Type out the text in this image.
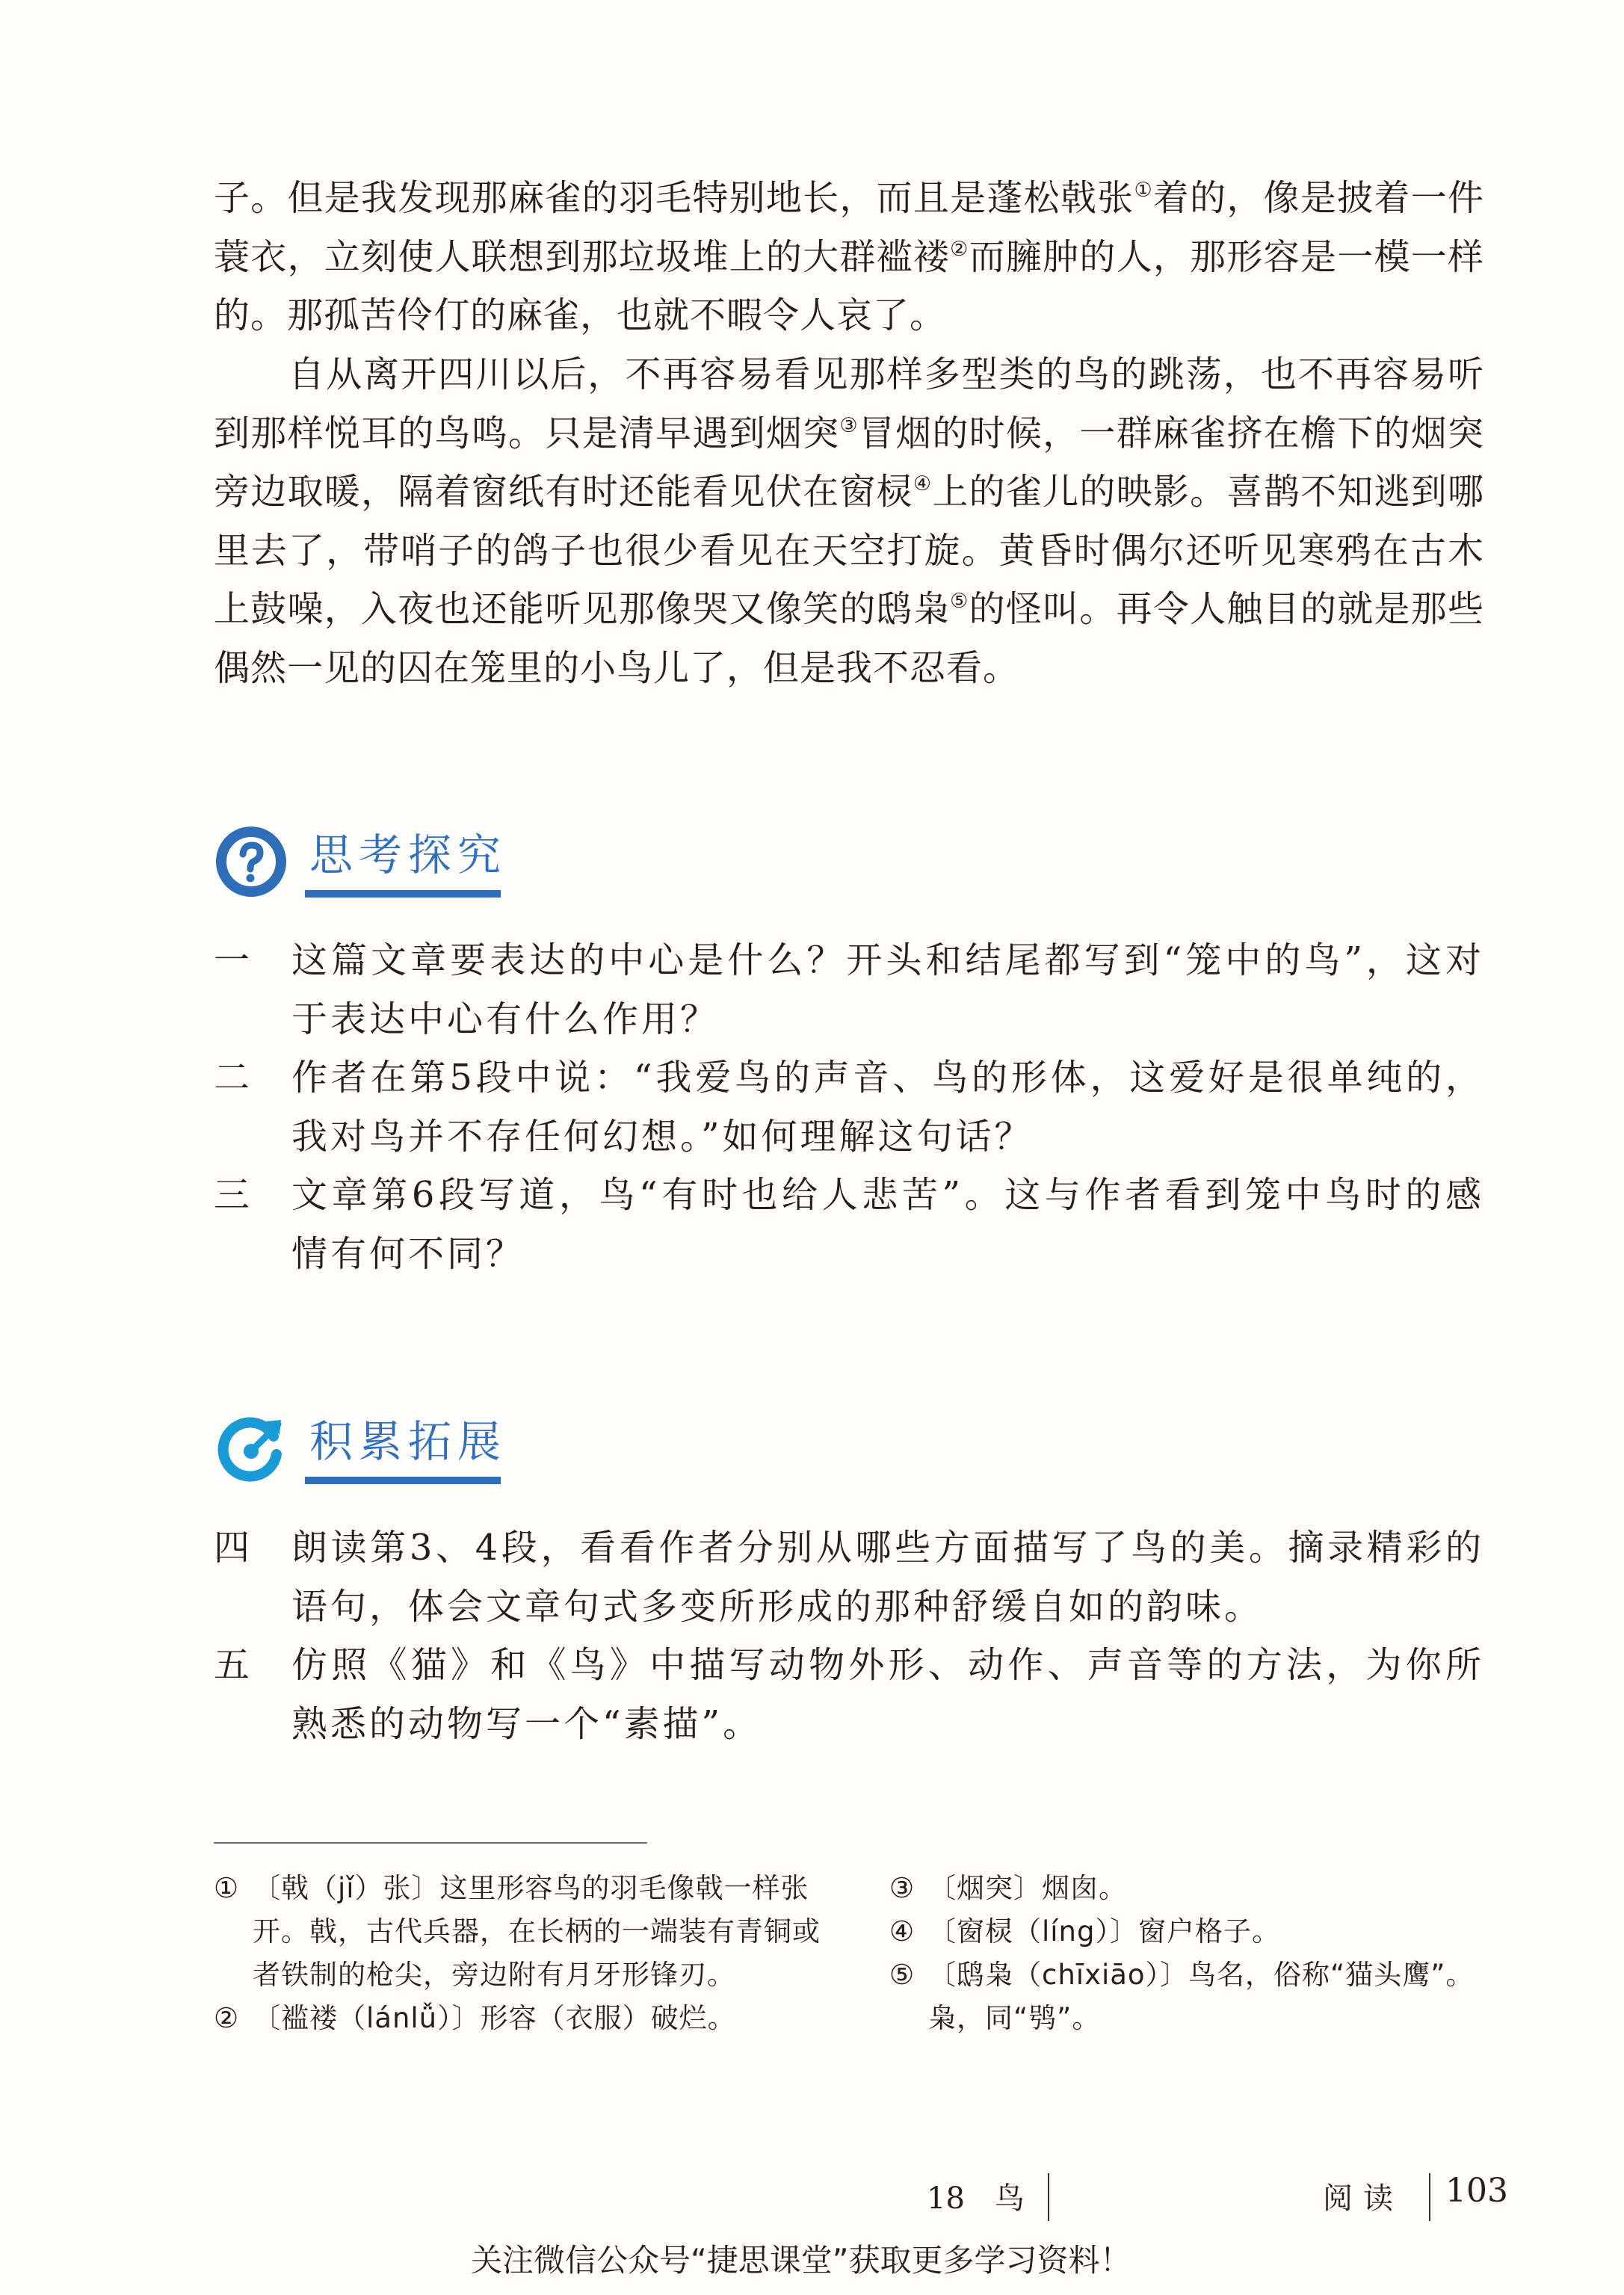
子。但是我发现那麻雀的羽毛特别地长，而且是蓬松戟张①着的，像是披着一件蓑衣，立刻使人联想到那垃圾堆上的大群褴褛②而臃肿的人，那形容是一模一样的。那孤苦伶仃的麻雀，也就不暇令人哀了。

　　自从离开四川以后，不再容易看见那样多型类的鸟的跳荡，也不再容易听到那样悦耳的鸟鸣。只是清早遇到烟突③冒烟的时候，一群麻雀挤在檐下的烟突旁边取暖，隔着窗纸有时还能看见伏在窗棂④上的雀儿的映影。喜鹊不知逃到哪里去了，带哨子的鸽子也很少看见在天空打旋。黄昏时偶尔还听见寒鸦在古木上鼓噪，入夜也还能听见那像哭又像笑的鸱枭⑤的怪叫。再令人触目的就是那些偶然一见的囚在笼里的小鸟儿了，但是我不忍看。

思考探究
一 这篇文章要表达的中心是什么？开头和结尾都写到“笼中的鸟”，这对于表达中心有什么作用？
二 作者在第5段中说：“我爱鸟的声音、鸟的形体，这爱好是很单纯的，我对鸟并不存任何幻想。”如何理解这句话？
三 文章第6段写道，鸟“有时也给人悲苦”。这与作者看到笼中鸟时的感情有何不同？
积累拓展
四 朗读第3、4段，看看作者分别从哪些方面描写了鸟的美。摘录精彩的语句，体会文章句式多变所形成的那种舒缓自如的韵味。
五 仿照《猫》和《鸟》中描写动物外形、动作、声音等的方法，为你所熟悉的动物写一个“素描”。
① 〔戟（jǐ）张〕这里形容鸟的羽毛像戟一样张开。戟，古代兵器，在长柄的一端装有青铜或者铁制的枪尖，旁边附有月牙形锋刃。
② 〔褴褛（lánlǚ）〕形容（衣服）破烂。
③ 〔烟突〕烟囱。
④ 〔窗棂（líng）〕窗户格子。
⑤ 〔鸱枭（chīxiāo）〕鸟名，俗称“猫头鹰”。枭，同“鸮”。
18　鸟	阅读 103
关注微信公众号“捷思课堂”获取更多学习资料！
